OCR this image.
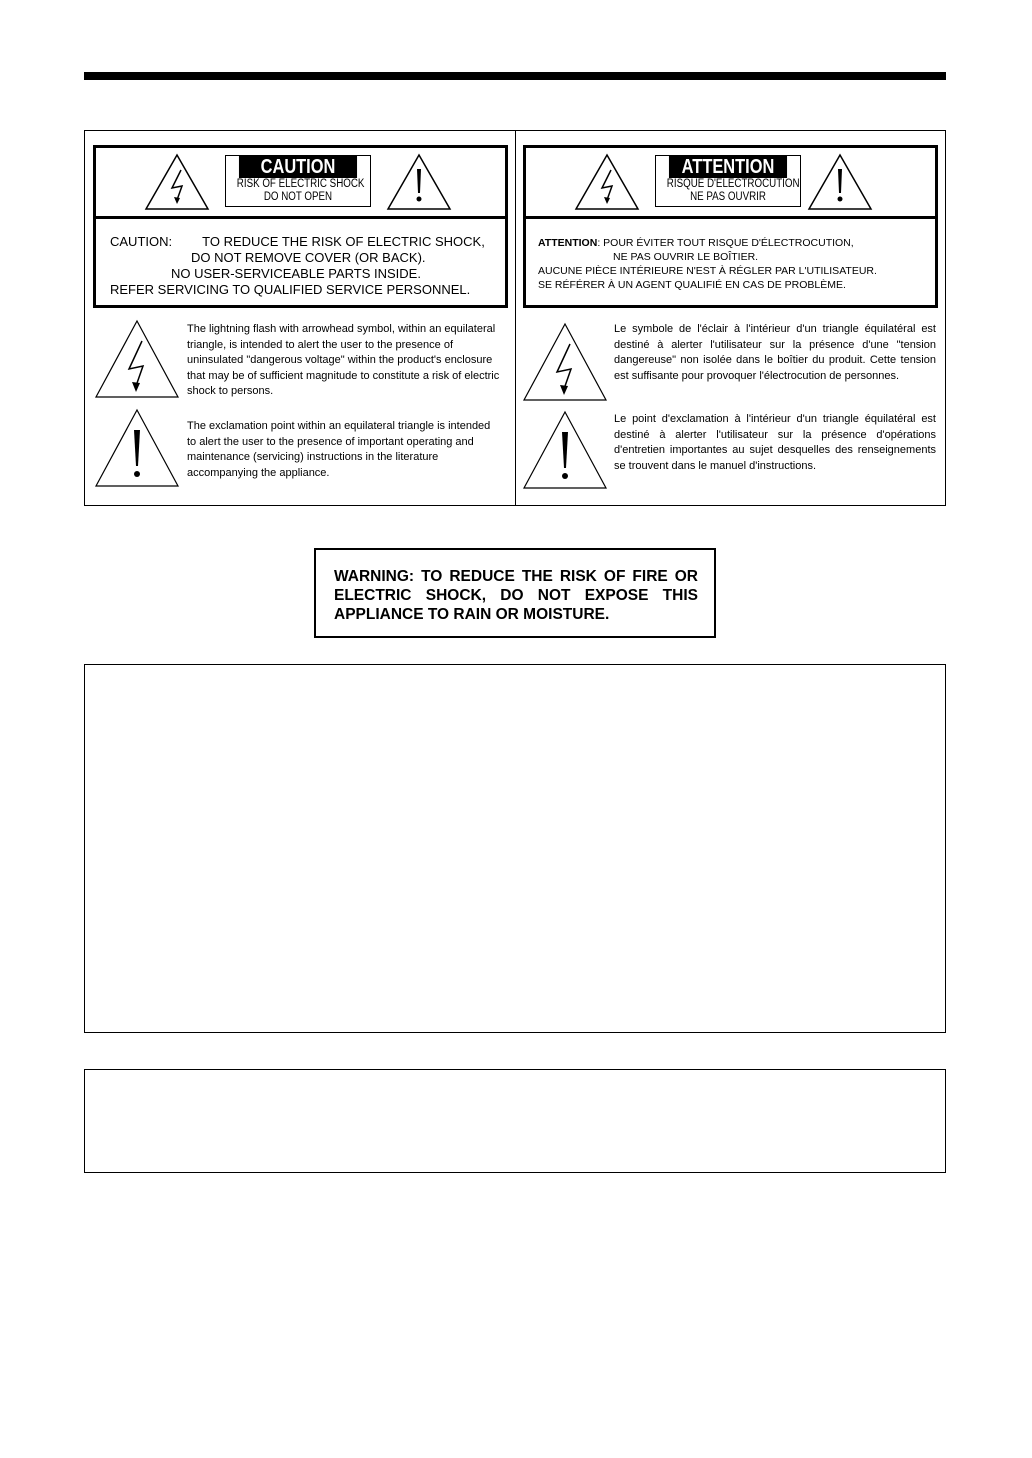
CAUTION
RISK OF ELECTRIC SHOCK
DO NOT OPEN
CAUTION: TO REDUCE THE RISK OF ELECTRIC SHOCK,
DO NOT REMOVE COVER (OR BACK).
NO USER-SERVICEABLE PARTS INSIDE.
REFER SERVICING TO QUALIFIED SERVICE PERSONNEL.
ATTENTION
RISQUE D'ÉLECTROCUTION
NE PAS OUVRIR
ATTENTION: POUR ÉVITER TOUT RISQUE D'ÉLECTROCUTION,
NE PAS OUVRIR LE BOÎTIER.
AUCUNE PIÈCE INTÉRIEURE N'EST À RÉGLER PAR L'UTILISATEUR.
SE RÉFÉRER À UN AGENT QUALIFIÉ EN CAS DE PROBLÈME.
The lightning flash with arrowhead symbol, within an equilateral triangle, is intended to alert the user to the presence of uninsulated "dangerous voltage" within the product's enclosure that may be of sufficient magnitude to constitute a risk of electric shock to persons.
The exclamation point within an equilateral triangle is intended to alert the user to the presence of important operating and maintenance (servicing) instructions in the literature accompanying the appliance.
Le symbole de l'éclair à l'intérieur d'un triangle équilatéral est destiné à alerter l'utilisateur sur la présence d'une "tension dangereuse" non isolée dans le boîtier du produit. Cette tension est suffisante pour provoquer l'électrocution de personnes.
Le point d'exclamation à l'intérieur d'un triangle équilatéral est destiné à alerter l'utilisateur sur la présence d'opérations d'entretien importantes au sujet desquelles des renseignements se trouvent dans le manuel d'instructions.
WARNING: TO REDUCE THE RISK OF FIRE OR ELECTRIC SHOCK, DO NOT EXPOSE THIS APPLIANCE TO RAIN OR MOISTURE.
